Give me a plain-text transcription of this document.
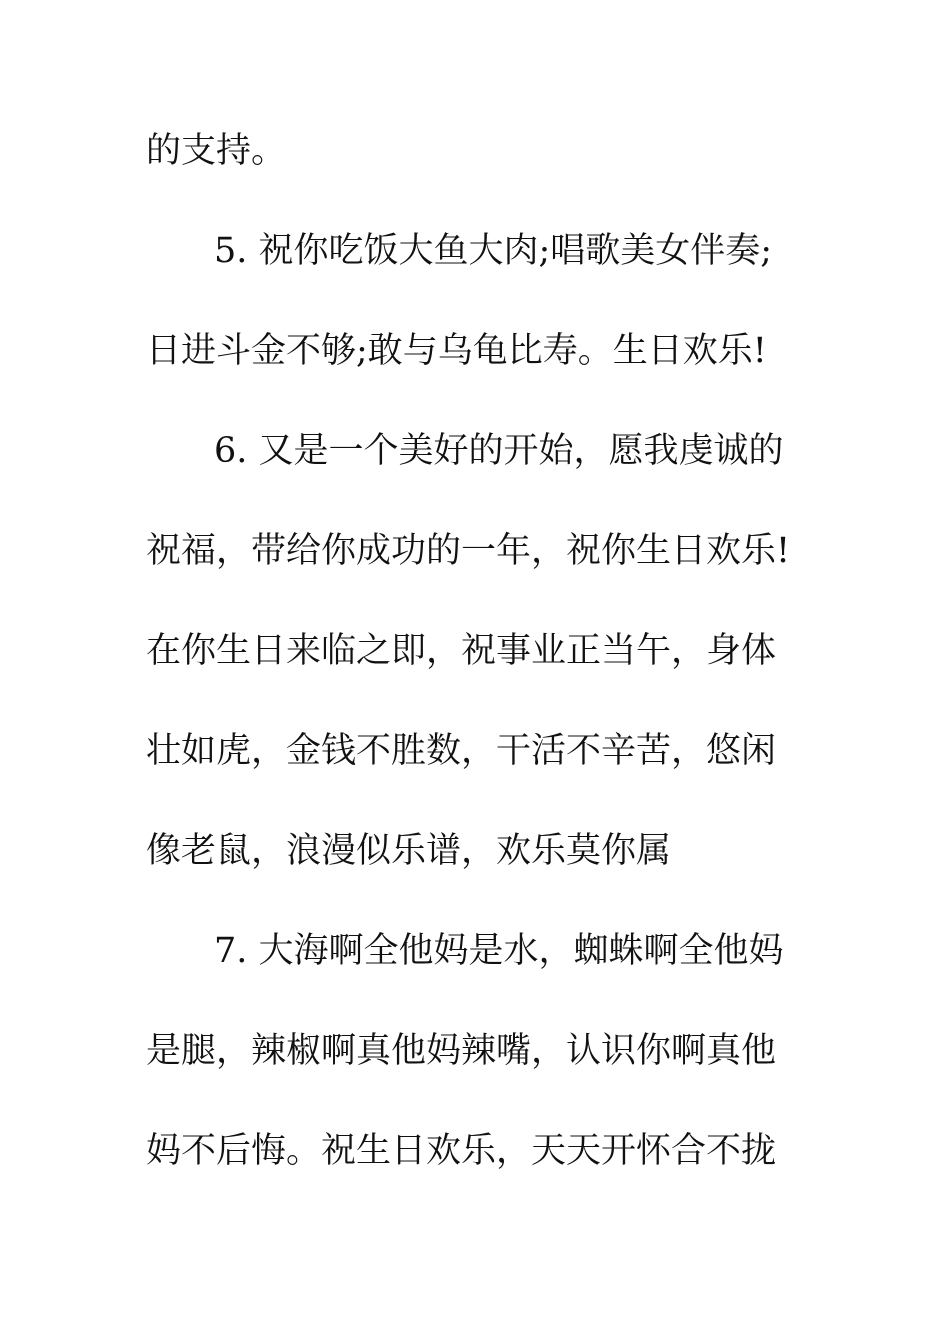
的支持。
5. 祝你吃饭大鱼大肉;唱歌美女伴奏;
日进斗金不够;敢与乌龟比寿。生日欢乐!
6. 又是一个美好的开始，愿我虔诚的
祝福，带给你成功的一年，祝你生日欢乐!
在你生日来临之即，祝事业正当午，身体
壮如虎，金钱不胜数，干活不辛苦，悠闲
像老鼠，浪漫似乐谱，欢乐莫你属
7. 大海啊全他妈是水，蜘蛛啊全他妈
是腿，辣椒啊真他妈辣嘴，认识你啊真他
妈不后悔。祝生日欢乐，天天开怀合不拢
